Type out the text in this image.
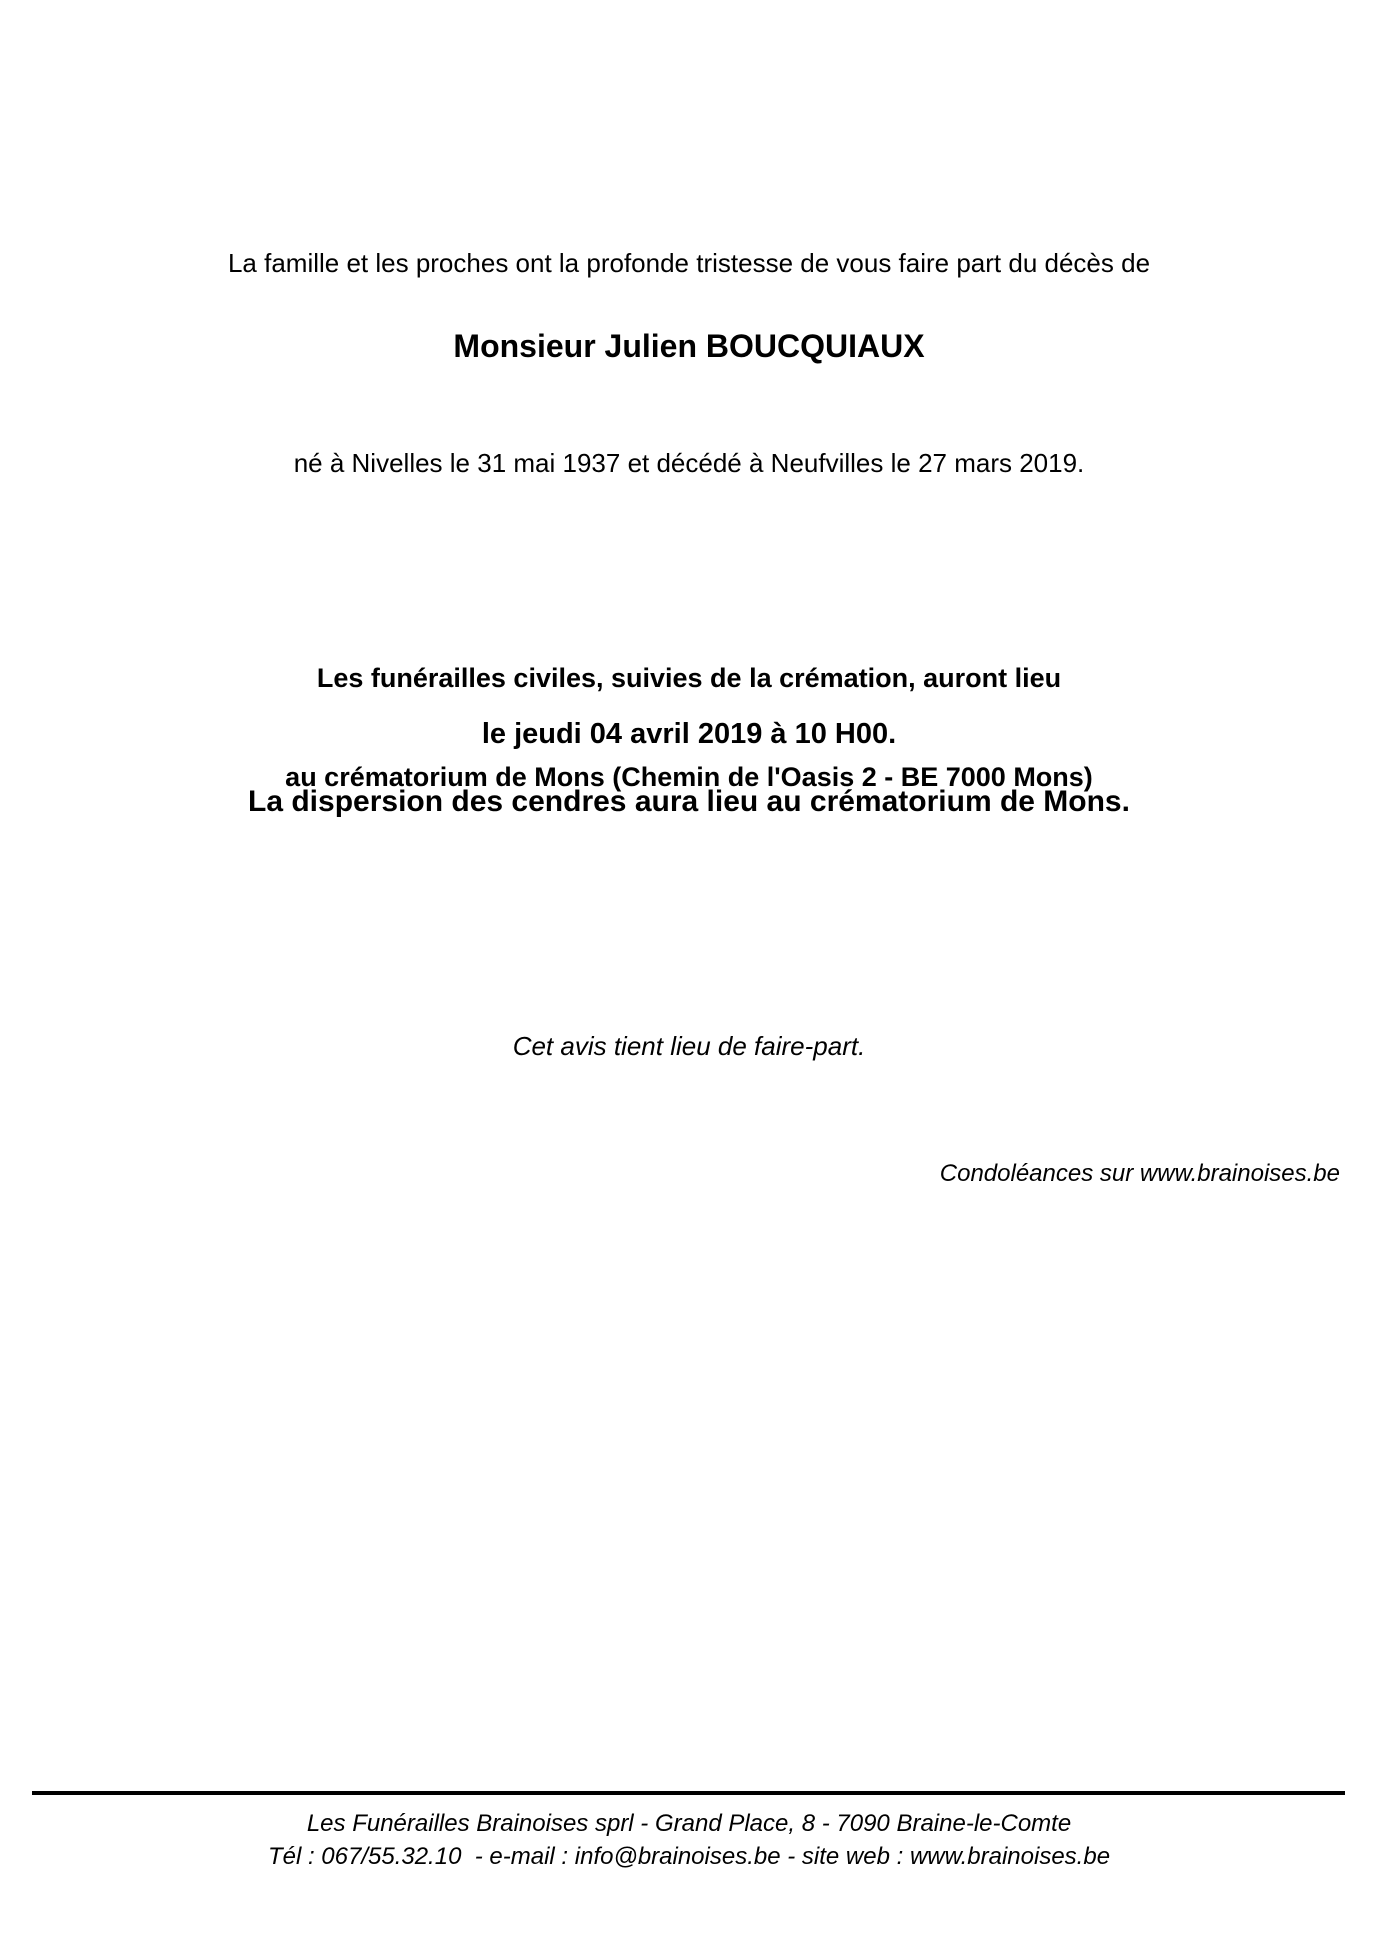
La famille et les proches ont la profonde tristesse de vous faire part du décès de
Monsieur Julien BOUCQUIAUX
né à Nivelles le 31 mai 1937 et décédé à Neufvilles le 27 mars 2019.

Les funérailles civiles, suivies de la crémation, auront lieu

au crématorium de Mons (Chemin de l'Oasis 2 - BE 7000 Mons)

le jeudi 04 avril 2019 à 10 H00.
La dispersion des cendres aura lieu au crématorium de Mons.
Cet avis tient lieu de faire-part.
Condoléances sur www.brainoises.be
Les Funérailles Brainoises sprl - Grand Place, 8 - 7090 Braine-le-Comte
Tél : 067/55.32.10  - e-mail : info@brainoises.be - site web : www.brainoises.be
